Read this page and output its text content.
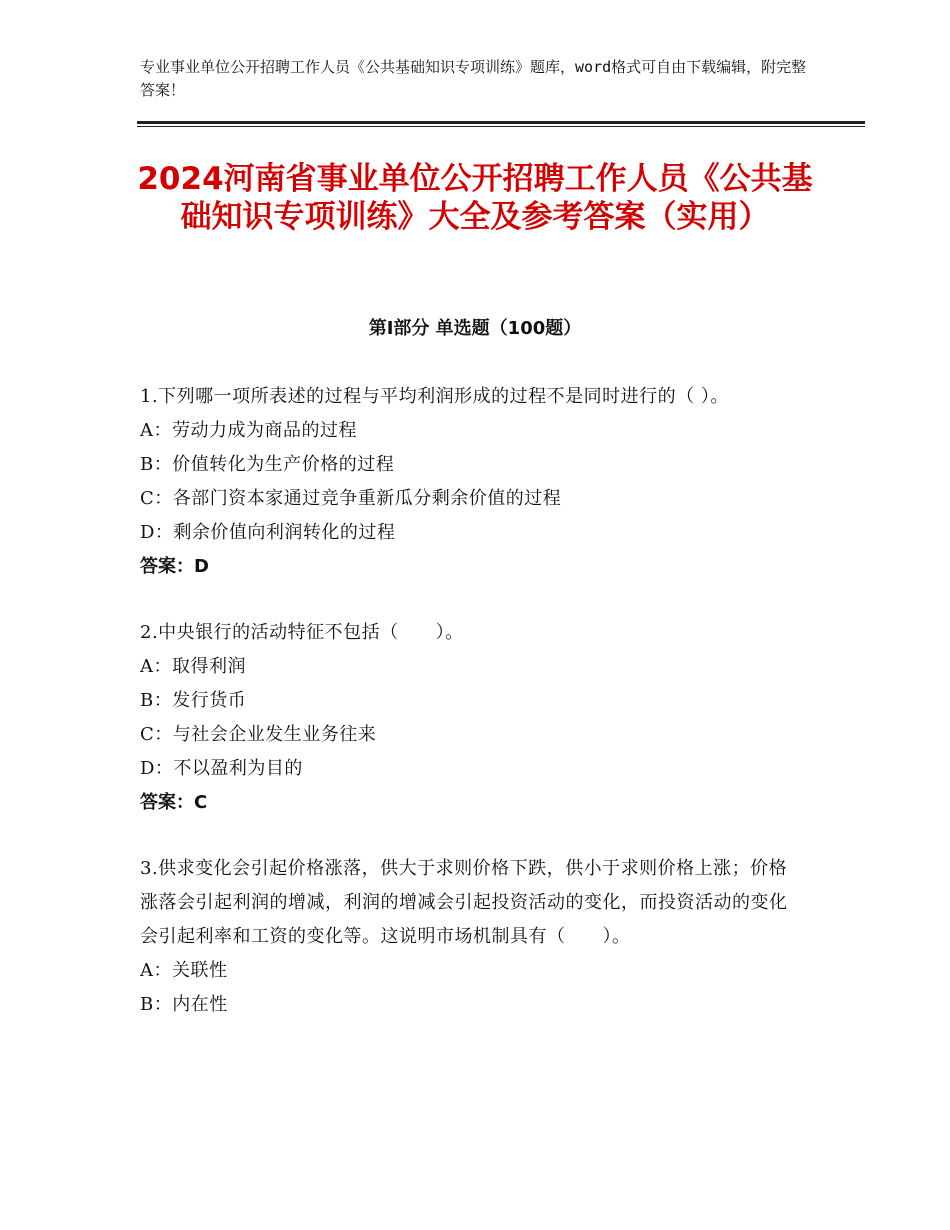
专业事业单位公开招聘工作人员《公共基础知识专项训练》题库，word格式可自由下载编辑，附完整答案！
2024河南省事业单位公开招聘工作人员《公共基础知识专项训练》大全及参考答案（实用）
第I部分 单选题（100题）
1.下列哪一项所表述的过程与平均利润形成的过程不是同时进行的（ ）。
A：劳动力成为商品的过程
B：价值转化为生产价格的过程
C：各部门资本家通过竞争重新瓜分剩余价值的过程
D：剩余价值向利润转化的过程
答案：D
2.中央银行的活动特征不包括（　　）。
A：取得利润
B：发行货币
C：与社会企业发生业务往来
D：不以盈利为目的
答案：C
3.供求变化会引起价格涨落，供大于求则价格下跌，供小于求则价格上涨；价格涨落会引起利润的增减，利润的增减会引起投资活动的变化，而投资活动的变化会引起利率和工资的变化等。这说明市场机制具有（　　）。
A：关联性
B：内在性
